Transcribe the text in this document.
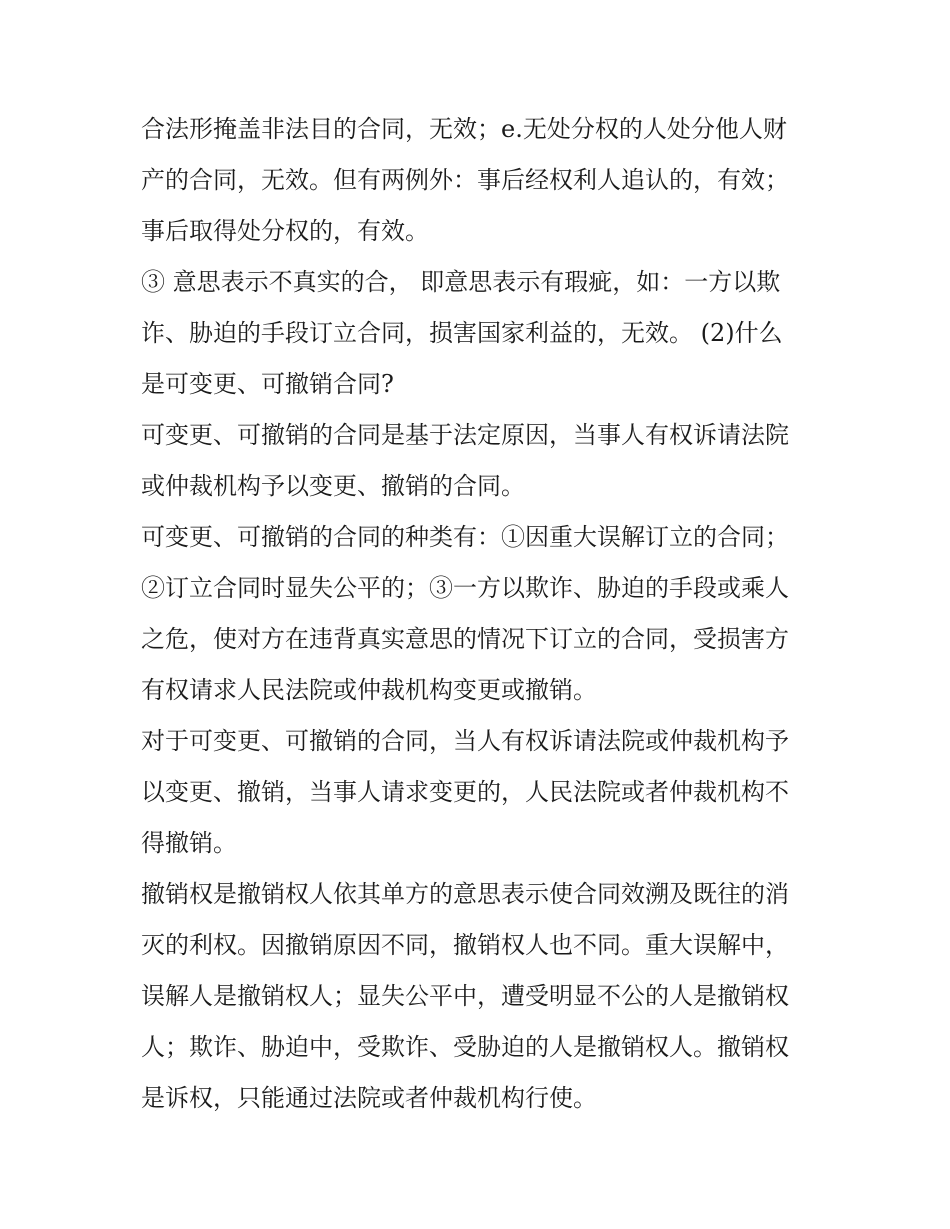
合法形掩盖非法目的合同，无效；e.无处分权的人处分他人财
产的合同，无效。但有两例外：事后经权利人追认的，有效；
事后取得处分权的，有效。
③ 意思表示不真实的合， 即意思表示有瑕疵，如：一方以欺
诈、胁迫的手段订立合同，损害国家利益的，无效。 (2)什么
是可变更、可撤销合同?
可变更、可撤销的合同是基于法定原因，当事人有权诉请法院
或仲裁机构予以变更、撤销的合同。
可变更、可撤销的合同的种类有：①因重大误解订立的合同；
②订立合同时显失公平的；③一方以欺诈、胁迫的手段或乘人
之危，使对方在违背真实意思的情况下订立的合同，受损害方
有权请求人民法院或仲裁机构变更或撤销。
对于可变更、可撤销的合同，当人有权诉请法院或仲裁机构予
以变更、撤销，当事人请求变更的，人民法院或者仲裁机构不
得撤销。
撤销权是撤销权人依其单方的意思表示使合同效溯及既往的消
灭的利权。因撤销原因不同，撤销权人也不同。重大误解中，
误解人是撤销权人；显失公平中，遭受明显不公的人是撤销权
人；欺诈、胁迫中，受欺诈、受胁迫的人是撤销权人。撤销权
是诉权，只能通过法院或者仲裁机构行使。
